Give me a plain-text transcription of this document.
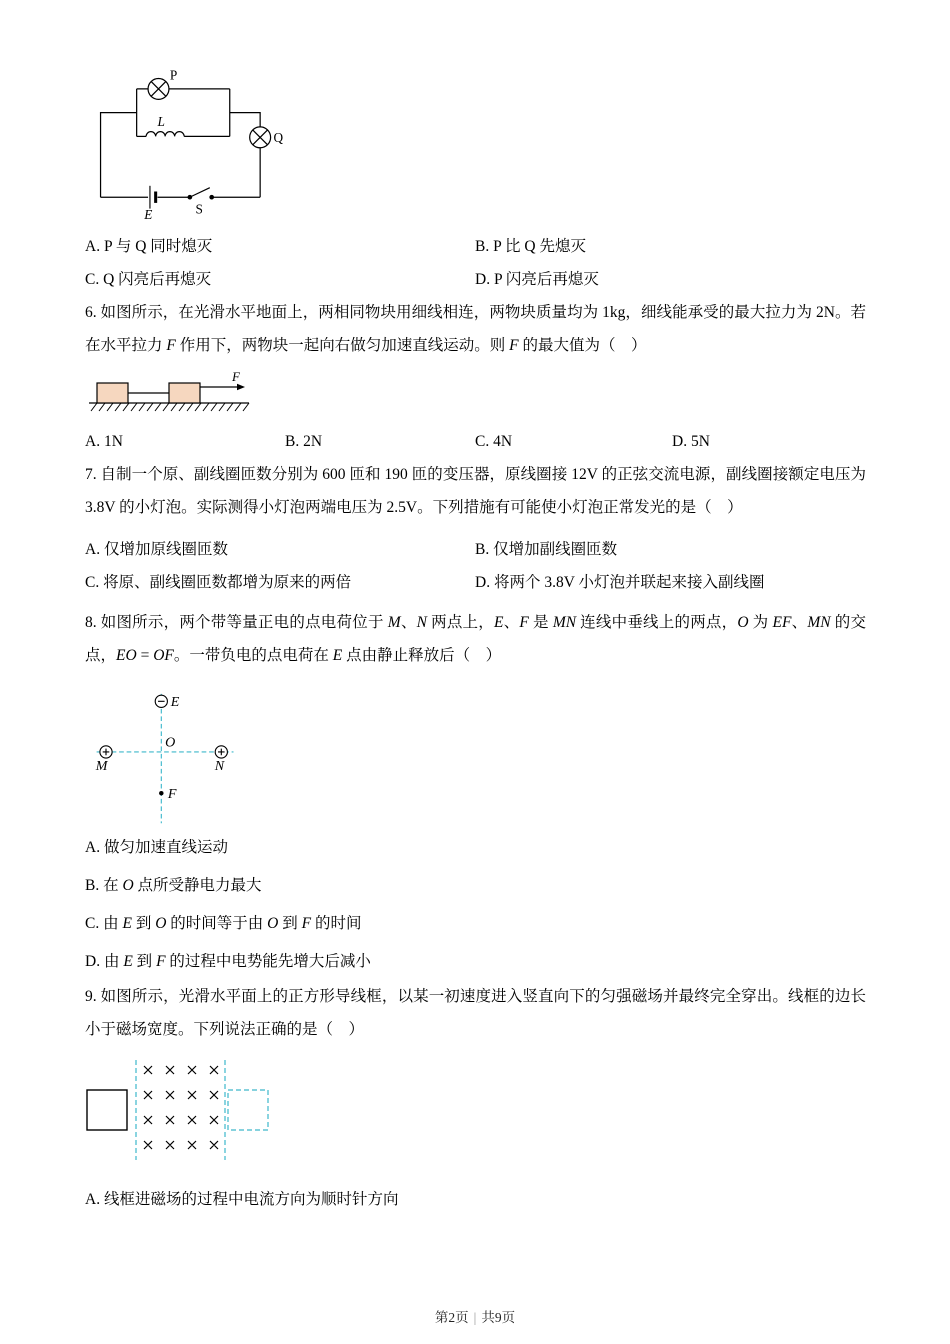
P
Q
L
E	S
A. P 与 Q 同时熄灭	B. P 比 Q 先熄灭
C. Q 闪亮后再熄灭	D. P 闪亮后再熄灭
6. 如图所示，在光滑水平地面上，两相同物块用细线相连，两物块质量均为 1kg，细线能承受的最大拉力为 2N。若在水平拉力 F 作用下，两物块一起向右做匀加速直线运动。则 F 的最大值为（　）
F
A. 1N	B. 2N	C. 4N	D. 5N
7. 自制一个原、副线圈匝数分别为 600 匝和 190 匝的变压器，原线圈接 12V 的正弦交流电源，副线圈接额定电压为 3.8V 的小灯泡。实际测得小灯泡两端电压为 2.5V。下列措施有可能使小灯泡正常发光的是（　）
A. 仅增加原线圈匝数	B. 仅增加副线圈匝数
C. 将原、副线圈匝数都增为原来的两倍	D. 将两个 3.8V 小灯泡并联起来接入副线圈
8. 如图所示，两个带等量正电的点电荷位于 M、N 两点上，E、F 是 MN 连线中垂线上的两点，O 为 EF、MN 的交点，EO = OF。一带负电的点电荷在 E 点由静止释放后（　）
E
O
M	N
F
A. 做匀加速直线运动
B. 在 O 点所受静电力最大
C. 由 E 到 O 的时间等于由 O 到 F 的时间
D. 由 E 到 F 的过程中电势能先增大后减小
9. 如图所示，光滑水平面上的正方形导线框，以某一初速度进入竖直向下的匀强磁场并最终完全穿出。线框的边长小于磁场宽度。下列说法正确的是（　）
A. 线框进磁场的过程中电流方向为顺时针方向
第2页 | 共9页
